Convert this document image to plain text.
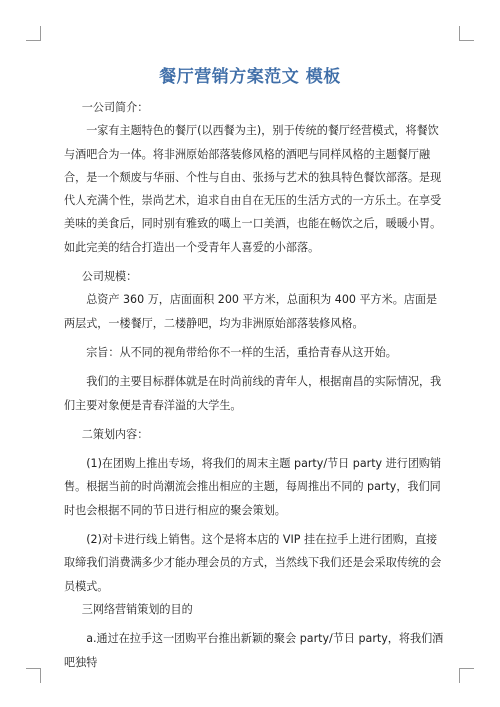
餐厅营销方案范文 模板

一公司简介：

一家有主题特色的餐厅(以西餐为主)，别于传统的餐厅经营模式，将餐饮与酒吧合为一体。将非洲原始部落装修风格的酒吧与同样风格的主题餐厅融合，是一个颓废与华丽、个性与自由、张扬与艺术的独具特色餐饮部落。是现代人充满个性，崇尚艺术，追求自由自在无压的生活方式的一方乐土。在享受美味的美食后，同时别有雅致的噶上一口美酒，也能在畅饮之后，暖暖小胃。如此完美的结合打造出一个受青年人喜爱的小部落。

公司规模：

总资产 360 万，店面面积 200 平方米，总面积为 400 平方米。店面是两层式，一楼餐厅，二楼静吧，均为非洲原始部落装修风格。

宗旨：从不同的视角带给你不一样的生活，重拾青春从这开始。

我们的主要目标群体就是在时尚前线的青年人，根据南昌的实际情况，我们主要对象便是青春洋溢的大学生。

二策划内容：

(1)在团购上推出专场，将我们的周末主题 party/节日 party 进行团购销售。根据当前的时尚潮流会推出相应的主题，每周推出不同的 party，我们同时也会根据不同的节日进行相应的聚会策划。

(2)对卡进行线上销售。这个是将本店的 VIP 挂在拉手上进行团购，直接取缔我们消费满多少才能办理会员的方式，当然线下我们还是会采取传统的会员模式。

三网络营销策划的目的

a.通过在拉手这一团购平台推出新颖的聚会 party/节日 party，将我们酒吧独特
